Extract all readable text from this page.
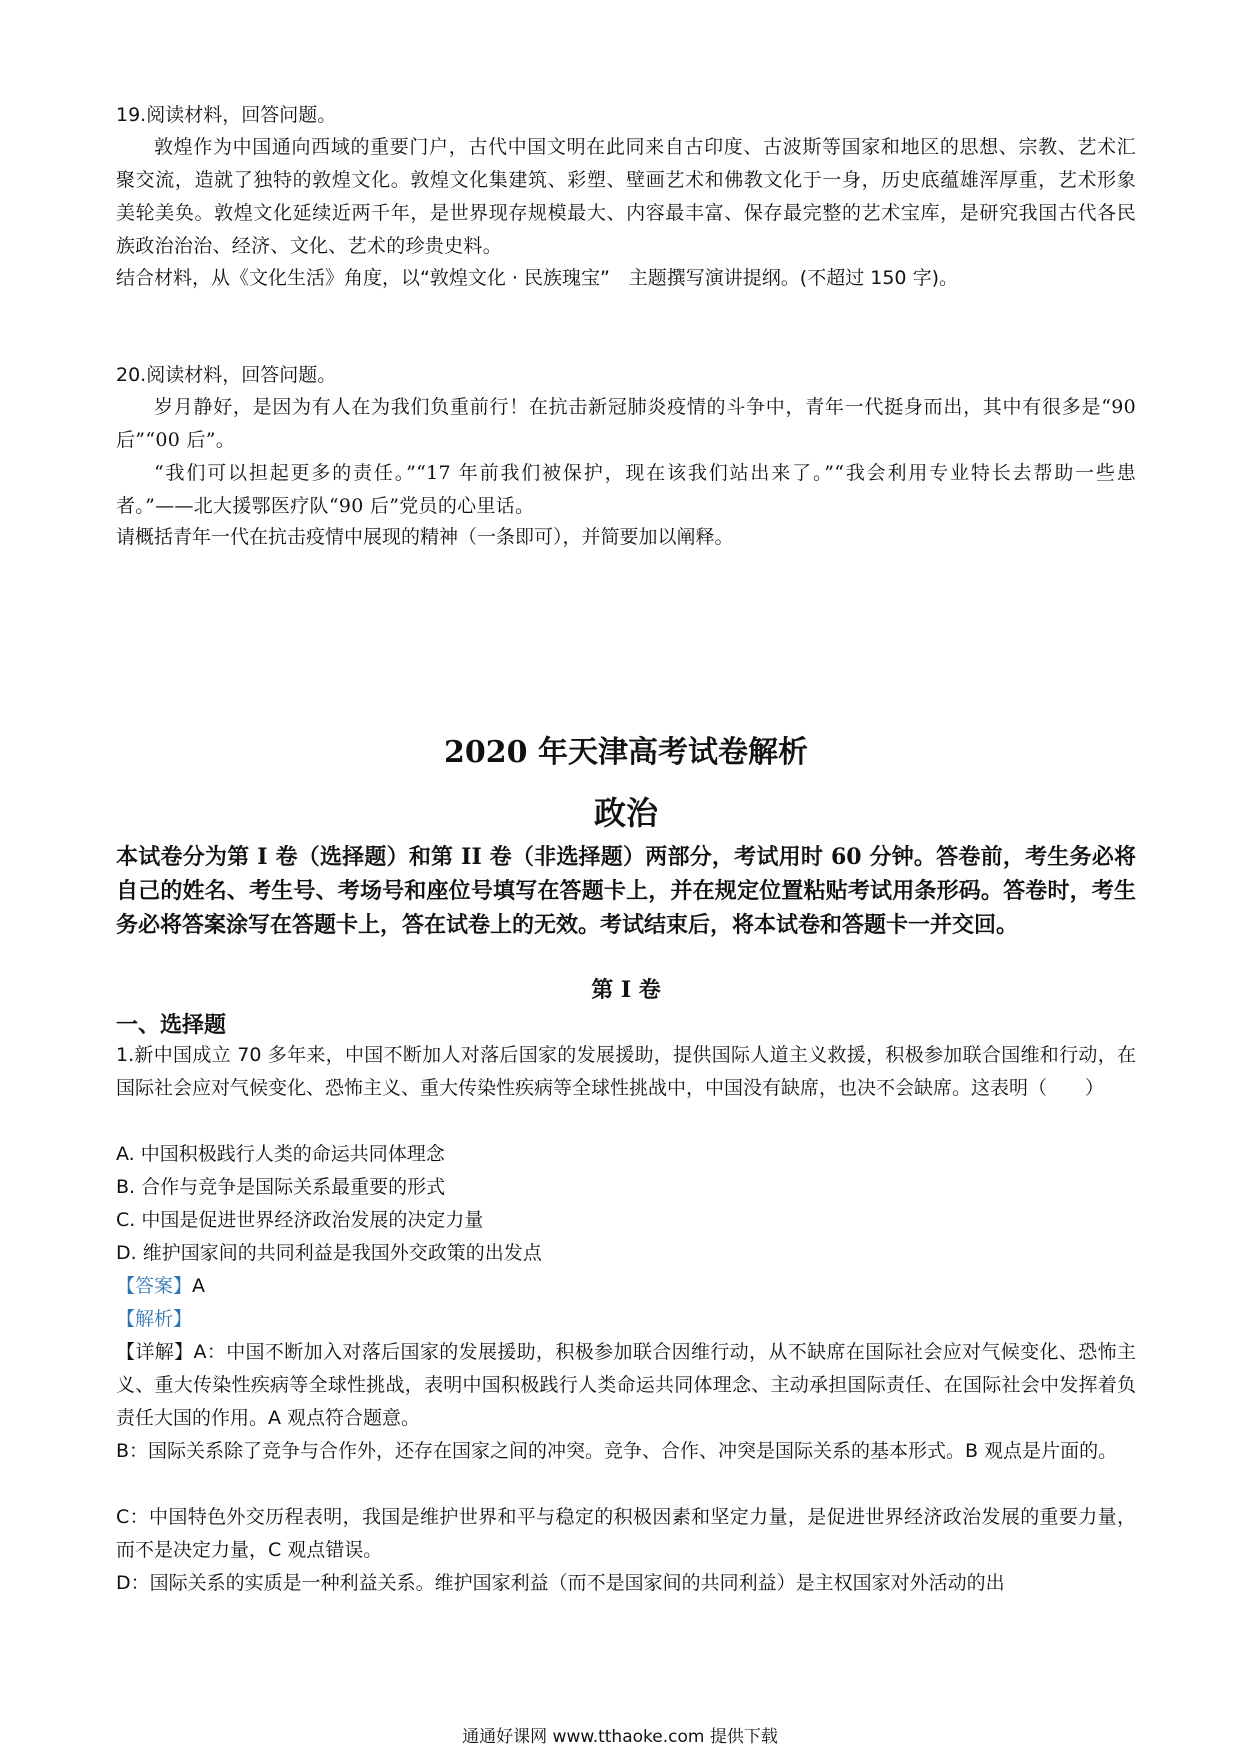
19.阅读材料，回答问题。
敦煌作为中国通向西域的重要门户，古代中国文明在此同来自古印度、古波斯等国家和地区的思想、宗教、艺术汇聚交流，造就了独特的敦煌文化。敦煌文化集建筑、彩塑、壁画艺术和佛教文化于一身，历史底蕴雄浑厚重，艺术形象美轮美奂。敦煌文化延续近两千年，是世界现存规模最大、内容最丰富、保存最完整的艺术宝库，是研究我国古代各民族政治治治、经济、文化、艺术的珍贵史料。
结合材料，从《文化生活》角度，以“敦煌文化 · 民族瑰宝”　主题撰写演讲提纲。(不超过 150 字)。
20.阅读材料，回答问题。
岁月静好，是因为有人在为我们负重前行！在抗击新冠肺炎疫情的斗争中，青年一代挺身而出，其中有很多是“90 后”“00 后”。
“我们可以担起更多的责任。”“17 年前我们被保护，现在该我们站出来了。”“我会利用专业特长去帮助一些患者。”——北大援鄂医疗队“90 后”党员的心里话。
请概括青年一代在抗击疫情中展现的精神（一条即可），并简要加以阐释。
2020 年天津高考试卷解析
政治
本试卷分为第 I 卷（选择题）和第 II 卷（非选择题）两部分，考试用时 60 分钟。答卷前，考生务必将自己的姓名、考生号、考场号和座位号填写在答题卡上，并在规定位置粘贴考试用条形码。答卷时，考生务必将答案涂写在答题卡上，答在试卷上的无效。考试结束后，将本试卷和答题卡一并交回。
第 I 卷
一、选择题
1.新中国成立 70 多年来，中国不断加人对落后国家的发展援助，提供国际人道主义救援，积极参加联合国维和行动，在国际社会应对气候变化、恐怖主义、重大传染性疾病等全球性挑战中，中国没有缺席，也决不会缺席。这表明（　　）
A. 中国积极践行人类的命运共同体理念
B. 合作与竞争是国际关系最重要的形式
C. 中国是促进世界经济政治发展的决定力量
D. 维护国家间的共同利益是我国外交政策的出发点
【答案】A
【解析】
【详解】A：中国不断加入对落后国家的发展援助，积极参加联合因维行动，从不缺席在国际社会应对气候变化、恐怖主义、重大传染性疾病等全球性挑战，表明中国积极践行人类命运共同体理念、主动承担国际责任、在国际社会中发挥着负责任大国的作用。A 观点符合题意。
B：国际关系除了竞争与合作外，还存在国家之间的冲突。竞争、合作、冲突是国际关系的基本形式。B 观点是片面的。
C：中国特色外交历程表明，我国是维护世界和平与稳定的积极因素和坚定力量，是促进世界经济政治发展的重要力量，而不是决定力量，C 观点错误。
D：国际关系的实质是一种利益关系。维护国家利益（而不是国家间的共同利益）是主权国家对外活动的出
通通好课网 www.tthaoke.com 提供下载
